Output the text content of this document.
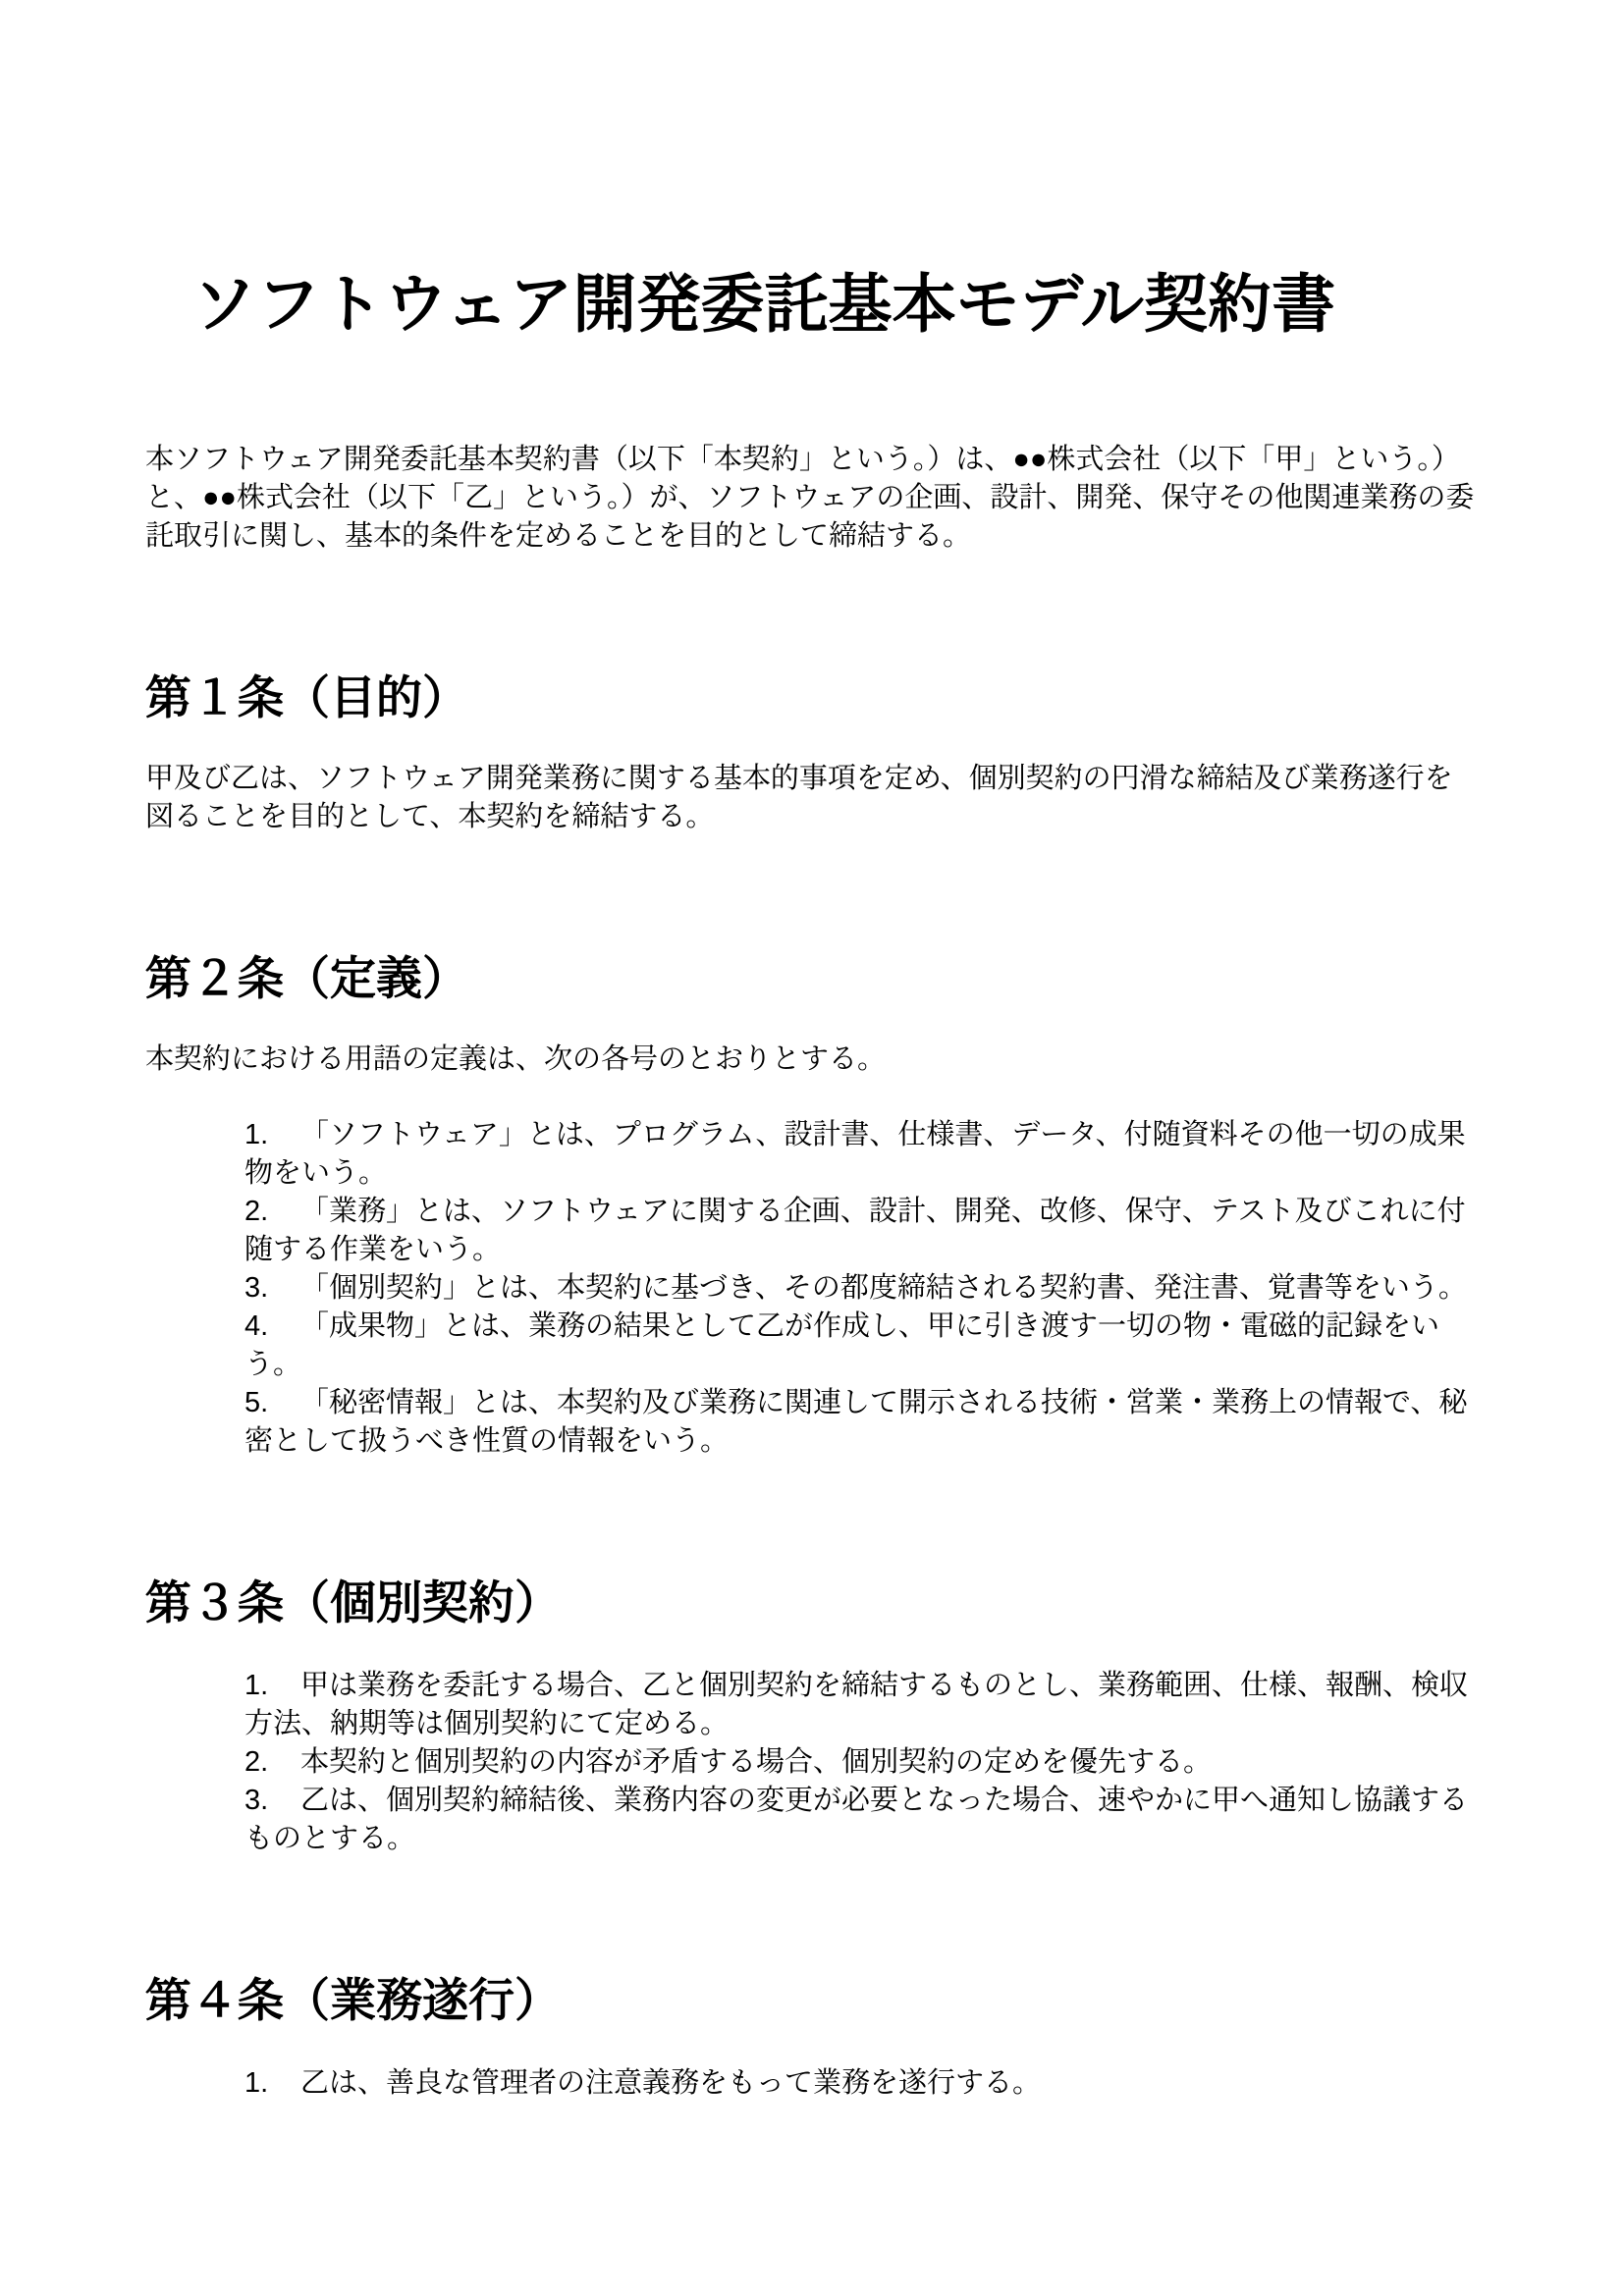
ソフトウェア開発委託基本モデル契約書

本ソフトウェア開発委託基本契約書（以下「本契約」という。）は、●●株式会社（以下「甲」という。）と、●●株式会社（以下「乙」という。）が、ソフトウェアの企画、設計、開発、保守その他関連業務の委託取引に関し、基本的条件を定めることを目的として締結する。

第１条（目的）

甲及び乙は、ソフトウェア開発業務に関する基本的事項を定め、個別契約の円滑な締結及び業務遂行を図ることを目的として、本契約を締結する。

第２条（定義）

本契約における用語の定義は、次の各号のとおりとする。

1. 「ソフトウェア」とは、プログラム、設計書、仕様書、データ、付随資料その他一切の成果物をいう。
2. 「業務」とは、ソフトウェアに関する企画、設計、開発、改修、保守、テスト及びこれに付随する作業をいう。
3. 「個別契約」とは、本契約に基づき、その都度締結される契約書、発注書、覚書等をいう。
4. 「成果物」とは、業務の結果として乙が作成し、甲に引き渡す一切の物・電磁的記録をいう。
5. 「秘密情報」とは、本契約及び業務に関連して開示される技術・営業・業務上の情報で、秘密として扱うべき性質の情報をいう。
第３条（個別契約）
1. 甲は業務を委託する場合、乙と個別契約を締結するものとし、業務範囲、仕様、報酬、検収方法、納期等は個別契約にて定める。
2. 本契約と個別契約の内容が矛盾する場合、個別契約の定めを優先する。
3. 乙は、個別契約締結後、業務内容の変更が必要となった場合、速やかに甲へ通知し協議するものとする。
第４条（業務遂行）
1. 乙は、善良な管理者の注意義務をもって業務を遂行する。
